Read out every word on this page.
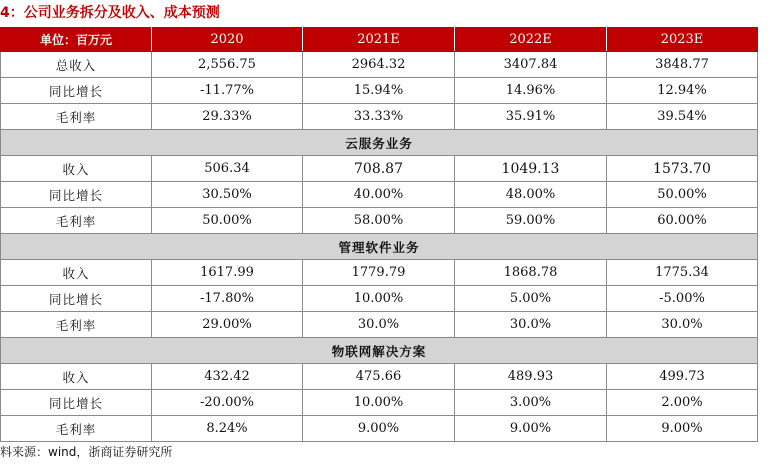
4：公司业务拆分及收入、成本预测
单位：百万元	2020	2021E	2022E	2023E
总收入	2,556.75	2964.32	3407.84	3848.77
同比增长	-11.77%	15.94%	14.96%	12.94%
毛利率	29.33%	33.33%	35.91%	39.54%
云服务业务				
收入	506.34	708.87	1049.13	1573.70
同比增长	30.50%	40.00%	48.00%	50.00%
毛利率	50.00%	58.00%	59.00%	60.00%
管理软件业务				
收入	1617.99	1779.79	1868.78	1775.34
同比增长	-17.80%	10.00%	5.00%	-5.00%
毛利率	29.00%	30.0%	30.0%	30.0%
物联网解决方案				
收入	432.42	475.66	489.93	499.73
同比增长	-20.00%	10.00%	3.00%	2.00%
毛利率	8.24%	9.00%	9.00%	9.00%
料来源：wind，浙商证券研究所
